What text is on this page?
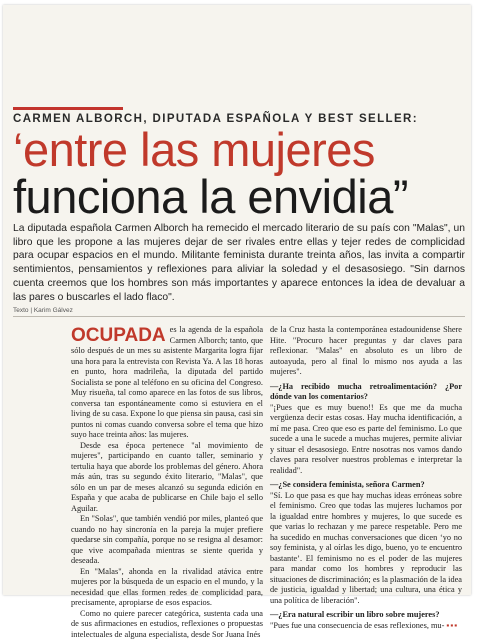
CARMEN ALBORCH, DIPUTADA ESPAÑOLA Y BEST SELLER:
‘entre las mujeres
funciona la envidia”
La diputada española Carmen Alborch ha remecido el mercado literario de su país con "Malas", un libro que les propone a las mujeres dejar de ser rivales entre ellas y tejer redes de complicidad para ocupar espacios en el mundo. Militante feminista durante treinta años, las invita a compartir sentimientos, pensamientos y reflexiones para aliviar la soledad y el desasosiego. "Sin darnos cuenta creemos que los hombres son más importantes y aparece entonces la idea de devaluar a las pares o buscarles el lado flaco".
Texto | Karim Gálvez

OCUPADA es la agenda de la española Carmen Alborch; tanto, que sólo después de un mes su asistente Margarita logra fijar una hora para la entrevista con Revista Ya. A las 18 horas en punto, hora madrileña, la diputada del partido Socialista se pone al teléfono en su oficina del Congreso. Muy risueña, tal como aparece en las fotos de sus libros, conversa tan espontáneamente como si estuviera en el living de su casa. Expone lo que piensa sin pausa, casi sin puntos ni comas cuando conversa sobre el tema que hizo suyo hace treinta años: las mujeres.

Desde esa época pertenece "al movimiento de mujeres", participando en cuanto taller, seminario y tertulia haya que aborde los problemas del género. Ahora más aún, tras su segundo éxito literario, "Malas", que sólo en un par de meses alcanzó su segunda edición en España y que acaba de publicarse en Chile bajo el sello Aguilar.

En "Solas", que también vendió por miles, planteó que cuando no hay sincronía en la pareja la mujer prefiere quedarse sin compañía, porque no se resigna al desamor: que vive acompañada mientras se siente querida y deseada.

En "Malas", ahonda en la rivalidad atávica entre mujeres por la búsqueda de un espacio en el mundo, y la necesidad que ellas formen redes de complicidad para, precisamente, apropiarse de esos espacios.

Como no quiere parecer categórica, sustenta cada una de sus afirmaciones en estudios, reflexiones o propuestas intelectuales de alguna especialista, desde Sor Juana Inés

de la Cruz hasta la contemporánea estadounidense Shere Hite. "Procuro hacer preguntas y dar claves para reflexionar. "Malas" en absoluto es un libro de autoayuda, pero al final lo mismo nos ayuda a las mujeres".

—¿Ha recibido mucha retroalimentación? ¿Por dónde van los comentarios?

"¡Pues que es muy bueno!! Es que me da mucha vergüenza decir estas cosas. Hay mucha identificación, a mí me pasa. Creo que eso es parte del feminismo. Lo que sucede a una le sucede a muchas mujeres, permite aliviar y situar el desasosiego. Entre nosotras nos vamos dando claves para resolver nuestros problemas e interpretar la realidad".

—¿Se considera feminista, señora Carmen?

"Sí. Lo que pasa es que hay muchas ideas erróneas sobre el feminismo. Creo que todas las mujeres luchamos por la igualdad entre hombres y mujeres, lo que sucede es que varias lo rechazan y me parece respetable. Pero me ha sucedido en muchas conversaciones que dicen ‘yo no soy feminista, y al oírlas les digo, bueno, yo te encuentro bastante’. El feminismo no es el poder de las mujeres para mandar como los hombres y reproducir las situaciones de discriminación; es la plasmación de la idea de justicia, igualdad y libertad; una cultura, una ética y una política de liberación".

—¿Era natural escribir un libro sobre mujeres?

"Pues fue una consecuencia de esas reflexiones, mu- ▪▪▪
